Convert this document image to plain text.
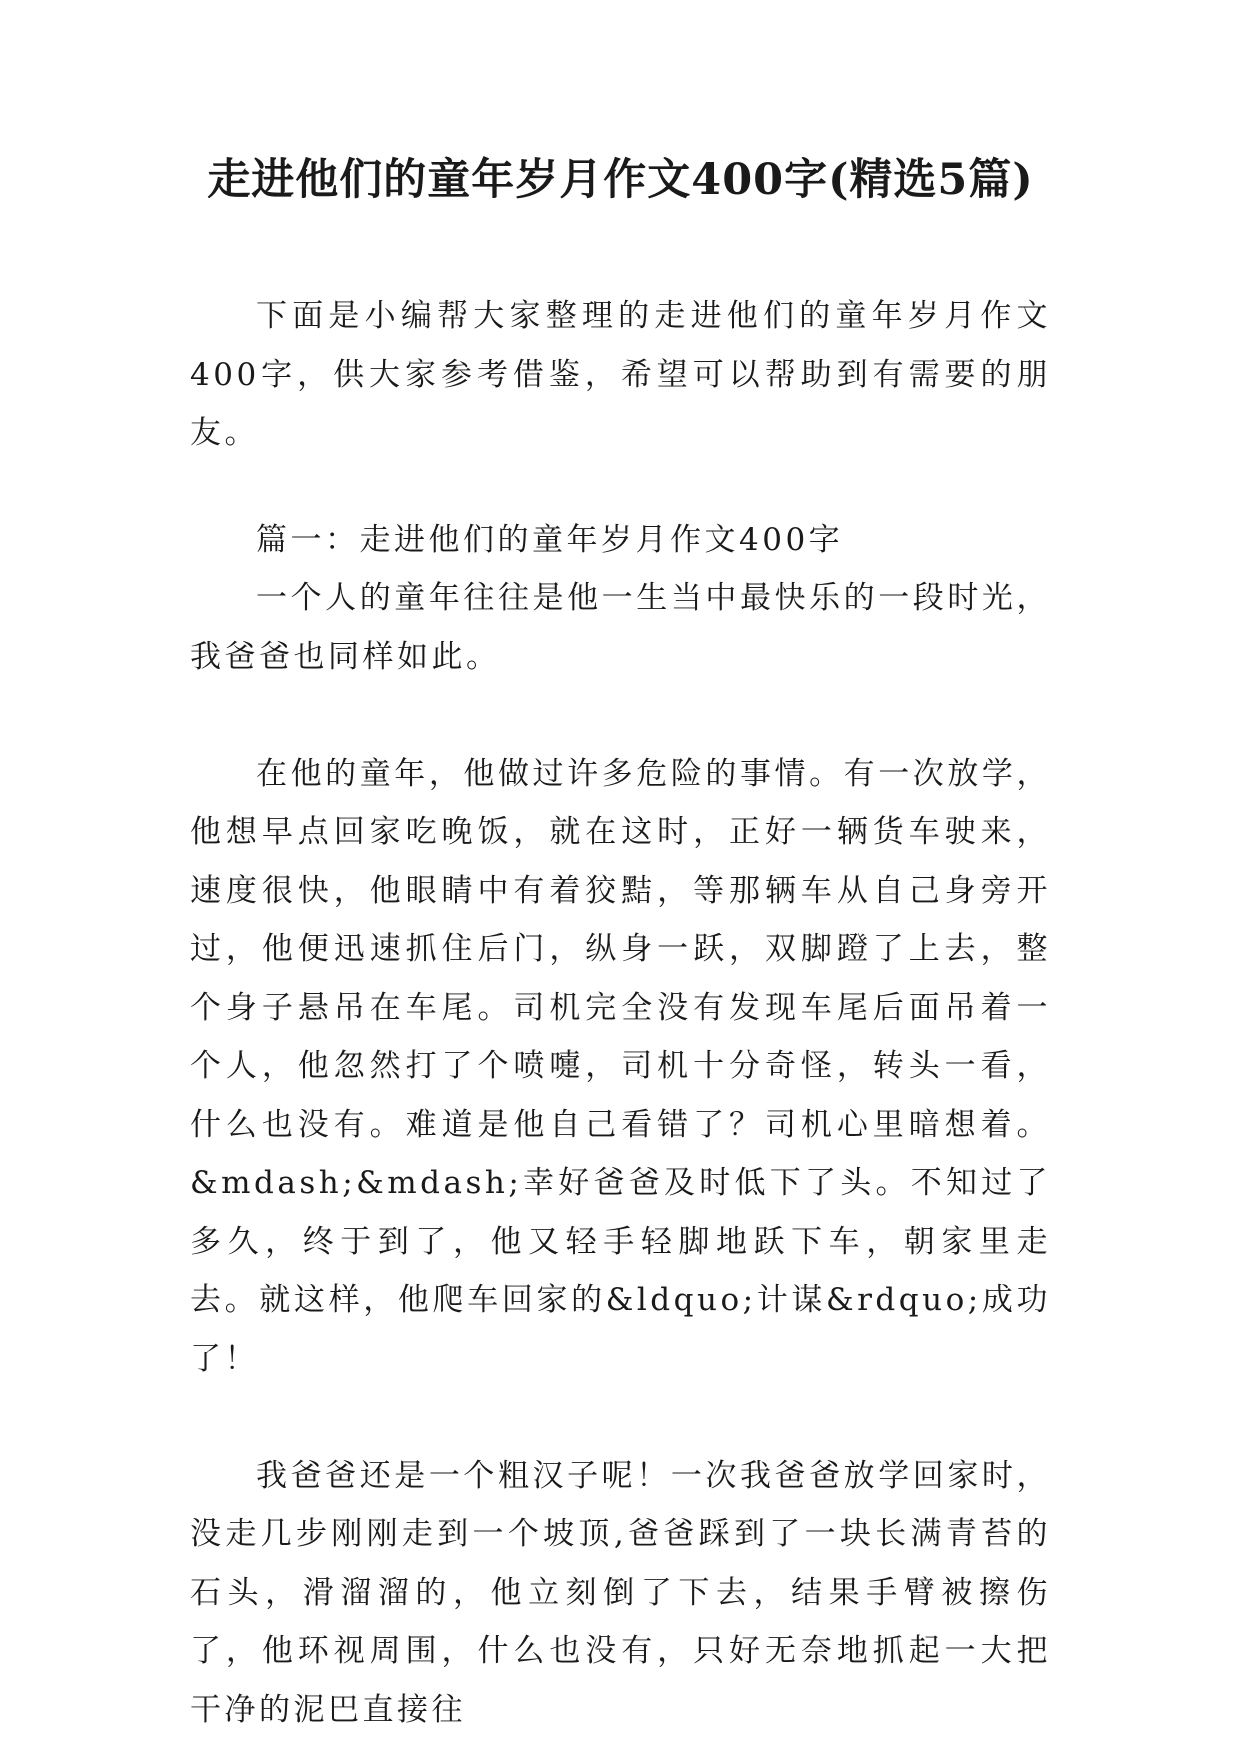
走进他们的童年岁月作文400字(精选5篇)

下面是小编帮大家整理的走进他们的童年岁月作文400字，供大家参考借鉴，希望可以帮助到有需要的朋友。

篇一：走进他们的童年岁月作文400字

一个人的童年往往是他一生当中最快乐的一段时光，我爸爸也同样如此。

在他的童年，他做过许多危险的事情。有一次放学，他想早点回家吃晚饭，就在这时，正好一辆货车驶来，速度很快，他眼睛中有着狡黠，等那辆车从自己身旁开过，他便迅速抓住后门，纵身一跃，双脚蹬了上去，整个身子悬吊在车尾。司机完全没有发现车尾后面吊着一个人，他忽然打了个喷嚏，司机十分奇怪，转头一看，什么也没有。难道是他自己看错了？司机心里暗想着。&mdash;&mdash;幸好爸爸及时低下了头。不知过了多久，终于到了，他又轻手轻脚地跃下车，朝家里走去。就这样，他爬车回家的&ldquo;计谋&rdquo;成功了！

我爸爸还是一个粗汉子呢！一次我爸爸放学回家时，没走几步刚刚走到一个坡顶,爸爸踩到了一块长满青苔的石头，滑溜溜的，他立刻倒了下去，结果手臂被擦伤了，他环视周围，什么也没有，只好无奈地抓起一大把干净的泥巴直接往
